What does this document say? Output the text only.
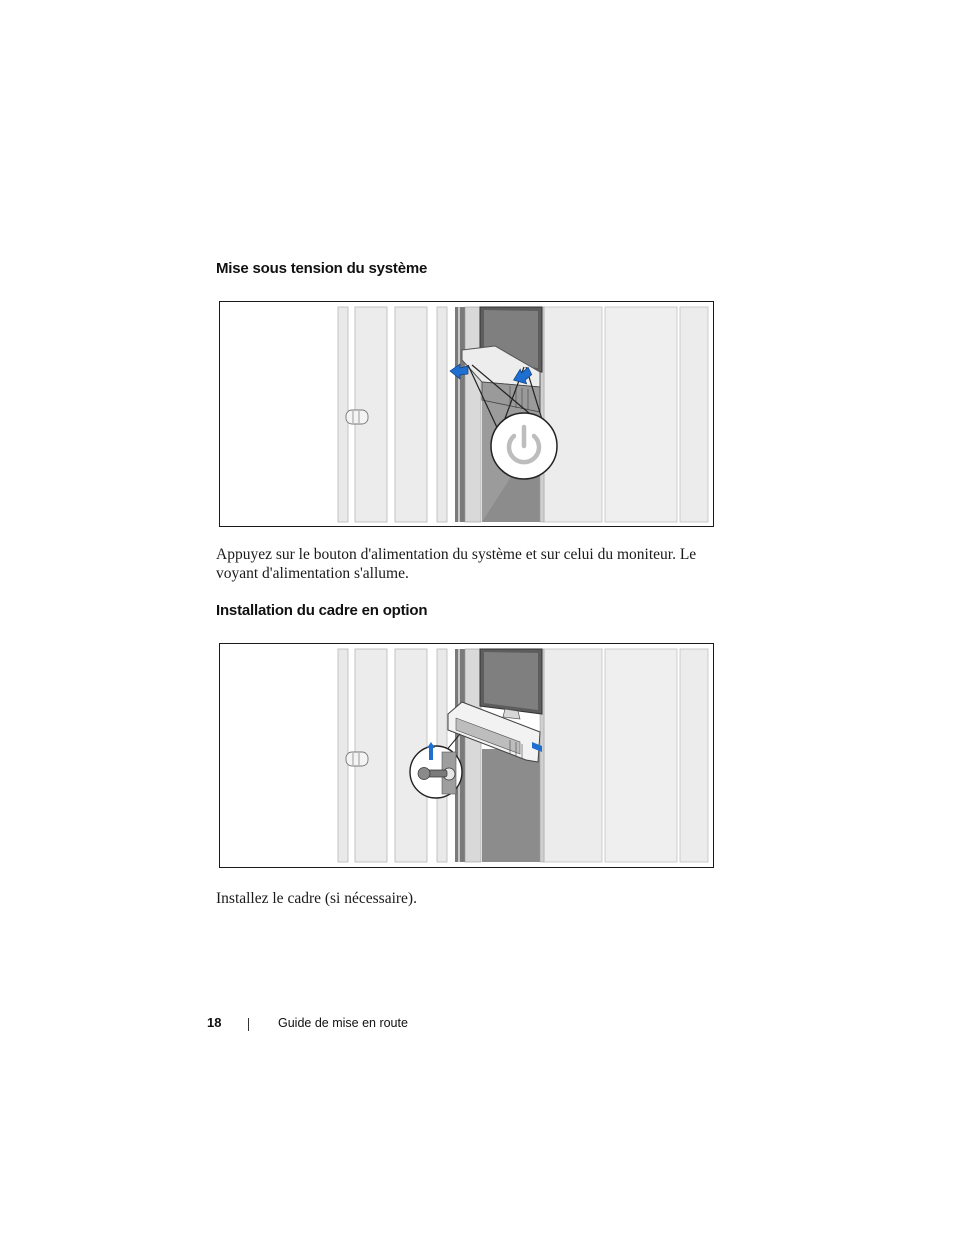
Mise sous tension du système

Appuyez sur le bouton d'alimentation du système et sur celui du moniteur. Le voyant d'alimentation s'allume.

Installation du cadre en option

Installez le cadre (si nécessaire).

18	Guide de mise en route
